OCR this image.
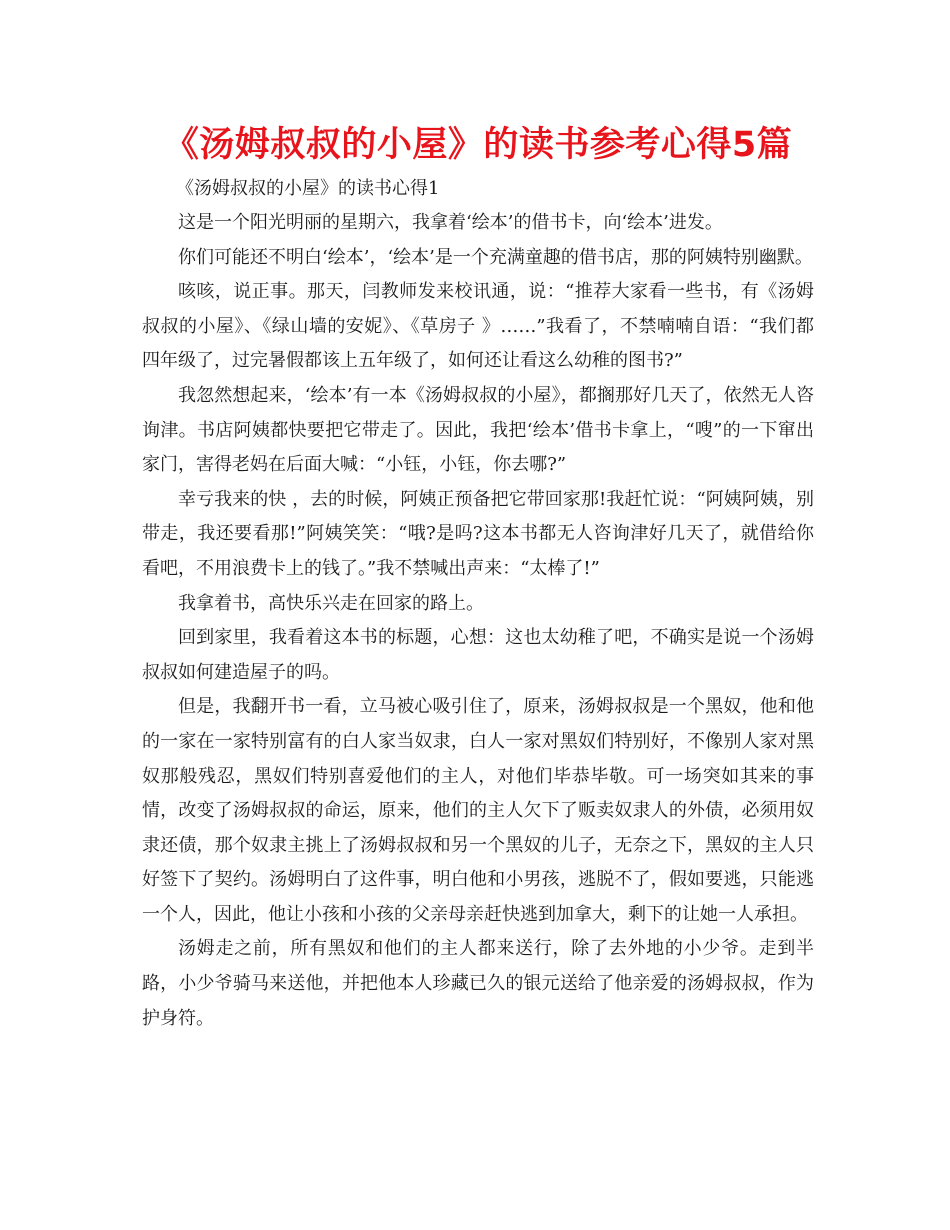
《汤姆叔叔的小屋》的读书参考心得5篇

《汤姆叔叔的小屋》的读书心得1

这是一个阳光明丽的星期六，我拿着‘绘本’的借书卡，向‘绘本’进发。

你们可能还不明白‘绘本’，‘绘本’是一个充满童趣的借书店，那的阿姨特别幽默。

咳咳，说正事。那天，闫教师发来校讯通，说：“推荐大家看一些书，有《汤姆叔叔的小屋》、《绿山墙的安妮》、《草房子 》……”我看了，不禁喃喃自语：“我们都四年级了，过完暑假都该上五年级了，如何还让看这么幼稚的图书?”

我忽然想起来，‘绘本’有一本《汤姆叔叔的小屋》，都搁那好几天了，依然无人咨询津。书店阿姨都快要把它带走了。因此，我把‘绘本’借书卡拿上，“嗖”的一下窜出家门，害得老妈在后面大喊：“小钰，小钰，你去哪?”

幸亏我来的快 ，去的时候，阿姨正预备把它带回家那!我赶忙说：“阿姨阿姨，别带走，我还要看那!”阿姨笑笑：“哦?是吗?这本书都无人咨询津好几天了，就借给你看吧，不用浪费卡上的钱了。”我不禁喊出声来：“太棒了!”

我拿着书，高快乐兴走在回家的路上。

回到家里，我看着这本书的标题，心想：这也太幼稚了吧，不确实是说一个汤姆叔叔如何建造屋子的吗。

但是，我翻开书一看，立马被心吸引住了，原来，汤姆叔叔是一个黑奴，他和他的一家在一家特别富有的白人家当奴隶，白人一家对黑奴们特别好，不像别人家对黑奴那般残忍，黑奴们特别喜爱他们的主人，对他们毕恭毕敬。可一场突如其来的事情，改变了汤姆叔叔的命运，原来，他们的主人欠下了贩卖奴隶人的外债，必须用奴隶还债，那个奴隶主挑上了汤姆叔叔和另一个黑奴的儿子，无奈之下，黑奴的主人只好签下了契约。汤姆明白了这件事，明白他和小男孩，逃脱不了，假如要逃，只能逃一个人，因此，他让小孩和小孩的父亲母亲赶快逃到加拿大，剩下的让她一人承担。

汤姆走之前，所有黑奴和他们的主人都来送行，除了去外地的小少爷。走到半路，小少爷骑马来送他，并把他本人珍藏已久的银元送给了他亲爱的汤姆叔叔，作为护身符。
